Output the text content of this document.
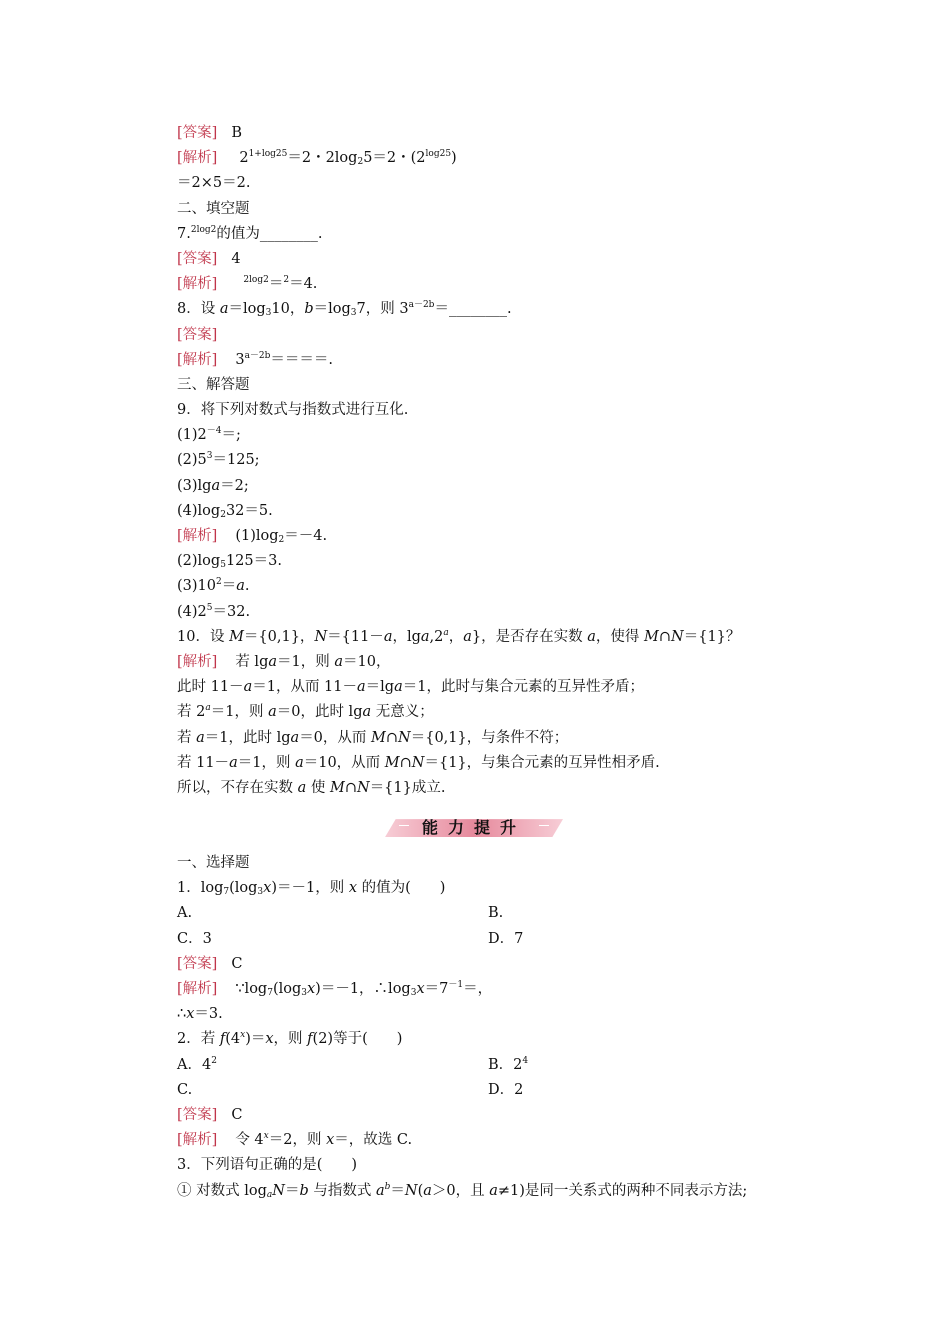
[答案] B
[解析] $2^{1+log25}=2$・$2\log_25=2$・$(2^{log25})$
＝2×5＝2.
二、填空题
7.$^{2log2}$的值为________.
[答案] 4
[解析]	$^{2log2}$＝$^2$＝4.
8．设 $a=\log_310$，$b=\log_37$，则 $3^{a-2b}=\_\_\_\_\_\_\_\_$.
[答案]
[解析] $3^{a-2b}====$.
三、解答题
9．将下列对数式与指数式进行互化.
$(1)2^{-4}=$;
$(2)5^3=125$;
(3)lga＝2;
$(4)\log_232=5$.
[解析] $(1)\log_2=-4$.
$(2)\log_5125=3$.
$(3)10^2=a$.
$(4)2^5=32$.
10．设 M＝{0,1}，N＝{11－a，lga,2$^a$，a}，是否存在实数 a，使得 M∩N＝{1}？
[解析] 若 lga＝1，则 a＝10，
此时 11－a＝1，从而 11－a＝lga＝1，此时与集合元素的互异性矛盾；
若 $2^a=1$，则 a＝0，此时 lga 无意义；
若 a＝1，此时 lga＝0，从而 M∩N＝{0,1}，与条件不符；
若 11－a＝1，则 a＝10，从而 M∩N＝{1}，与集合元素的互异性相矛盾.
所以，不存在实数 a 使 M∩N＝{1}成立.
能力提升
一、选择题
1．$\log_7(\log_3x)=-1$，则 x 的值为(　　)
A.	B.
C．3	D．7
[答案] C
[解析] $\because\log_7(\log_3x)=-1$，$\therefore\log_3x=7^{-1}=$，
∴x＝3.
2．若 $f(4^x)=x$，则 f(2)等于(　　)
A．$4^2$	B．$2^4$
C.	D．2
[答案] C
[解析] 令 $4^x=2$，则 x＝，故选 C.
3．下列语句正确的是(　　)
① 对数式 $\log_aN=b$ 与指数式 $a^b=N(a>0$，且 a≠1)是同一关系式的两种不同表示方法;
